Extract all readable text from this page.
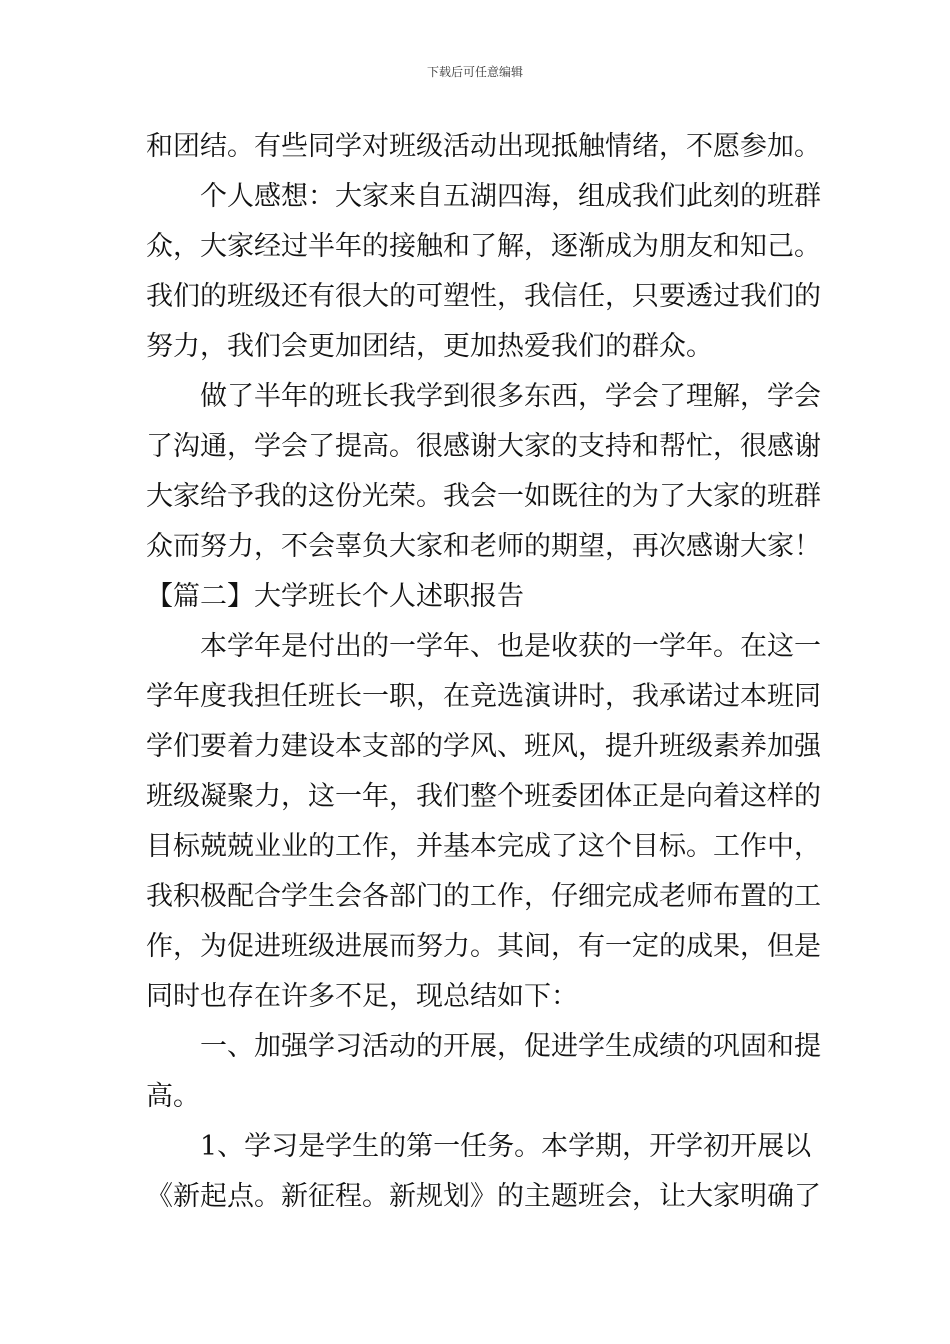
下载后可任意编辑
和团结。有些同学对班级活动出现抵触情绪，不愿参加。
个人感想：大家来自五湖四海，组成我们此刻的班群
众，大家经过半年的接触和了解，逐渐成为朋友和知己。
我们的班级还有很大的可塑性，我信任，只要透过我们的
努力，我们会更加团结，更加热爱我们的群众。
做了半年的班长我学到很多东西，学会了理解，学会
了沟通，学会了提高。很感谢大家的支持和帮忙，很感谢
大家给予我的这份光荣。我会一如既往的为了大家的班群
众而努力，不会辜负大家和老师的期望，再次感谢大家！
【篇二】大学班长个人述职报告
本学年是付出的一学年、也是收获的一学年。在这一
学年度我担任班长一职，在竞选演讲时，我承诺过本班同
学们要着力建设本支部的学风、班风，提升班级素养加强
班级凝聚力，这一年，我们整个班委团体正是向着这样的
目标兢兢业业的工作，并基本完成了这个目标。工作中，
我积极配合学生会各部门的工作，仔细完成老师布置的工
作，为促进班级进展而努力。其间，有一定的成果，但是
同时也存在许多不足，现总结如下：
一、加强学习活动的开展，促进学生成绩的巩固和提
高。
1、学习是学生的第一任务。本学期，开学初开展以
《新起点。新征程。新规划》的主题班会，让大家明确了
